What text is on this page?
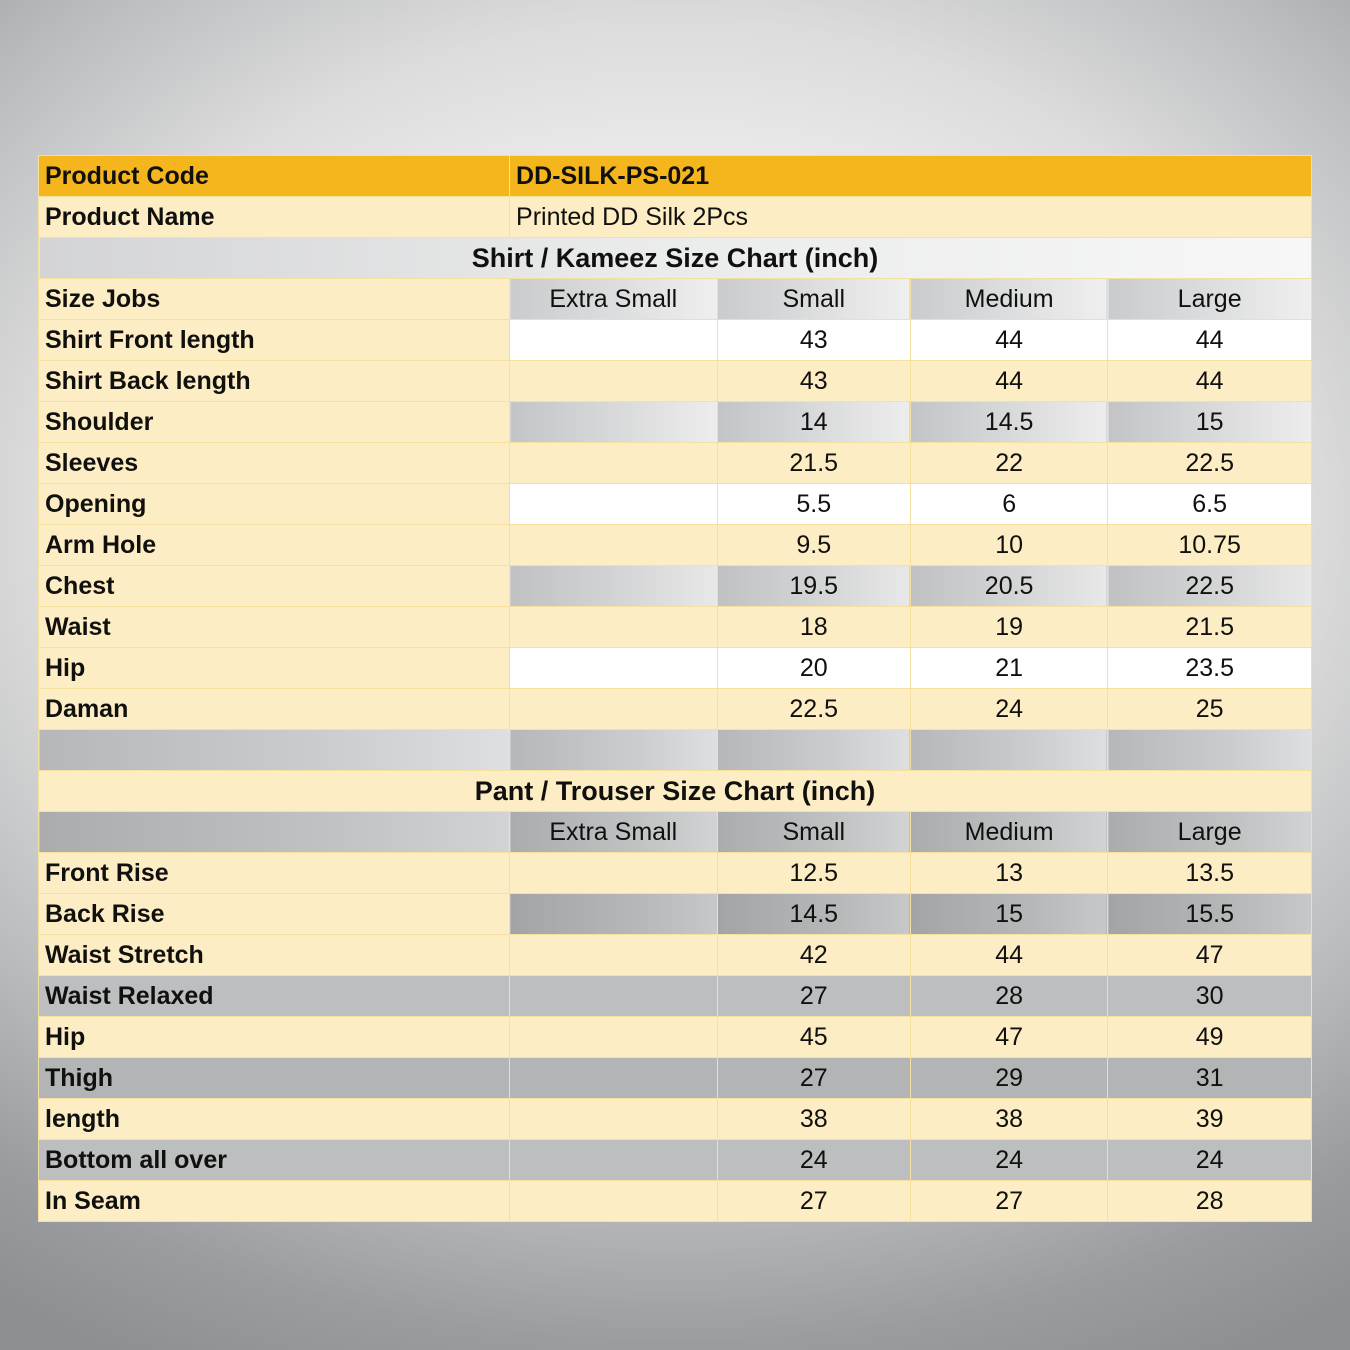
Product Code	DD-SILK-PS-021			
Product Name	Printed DD Silk 2Pcs			

Shirt / Kameez Size Chart (inch)				

Size Jobs	Extra Small	Small	Medium	Large
Shirt Front length		43	44	44
Shirt Back length		43	44	44
Shoulder		14	14.5	15
Sleeves		21.5	22	22.5
Opening		5.5	6	6.5
Arm Hole		9.5	10	10.75
Chest		19.5	20.5	22.5
Waist		18	19	21.5
Hip		20	21	23.5
Daman		22.5	24	25

Pant / Trouser Size Chart (inch)				

	Extra Small	Small	Medium	Large
Front Rise		12.5	13	13.5
Back Rise		14.5	15	15.5
Waist Stretch		42	44	47
Waist Relaxed		27	28	30
Hip		45	47	49
Thigh		27	29	31
length		38	38	39
Bottom all over		24	24	24
In Seam		27	27	28
